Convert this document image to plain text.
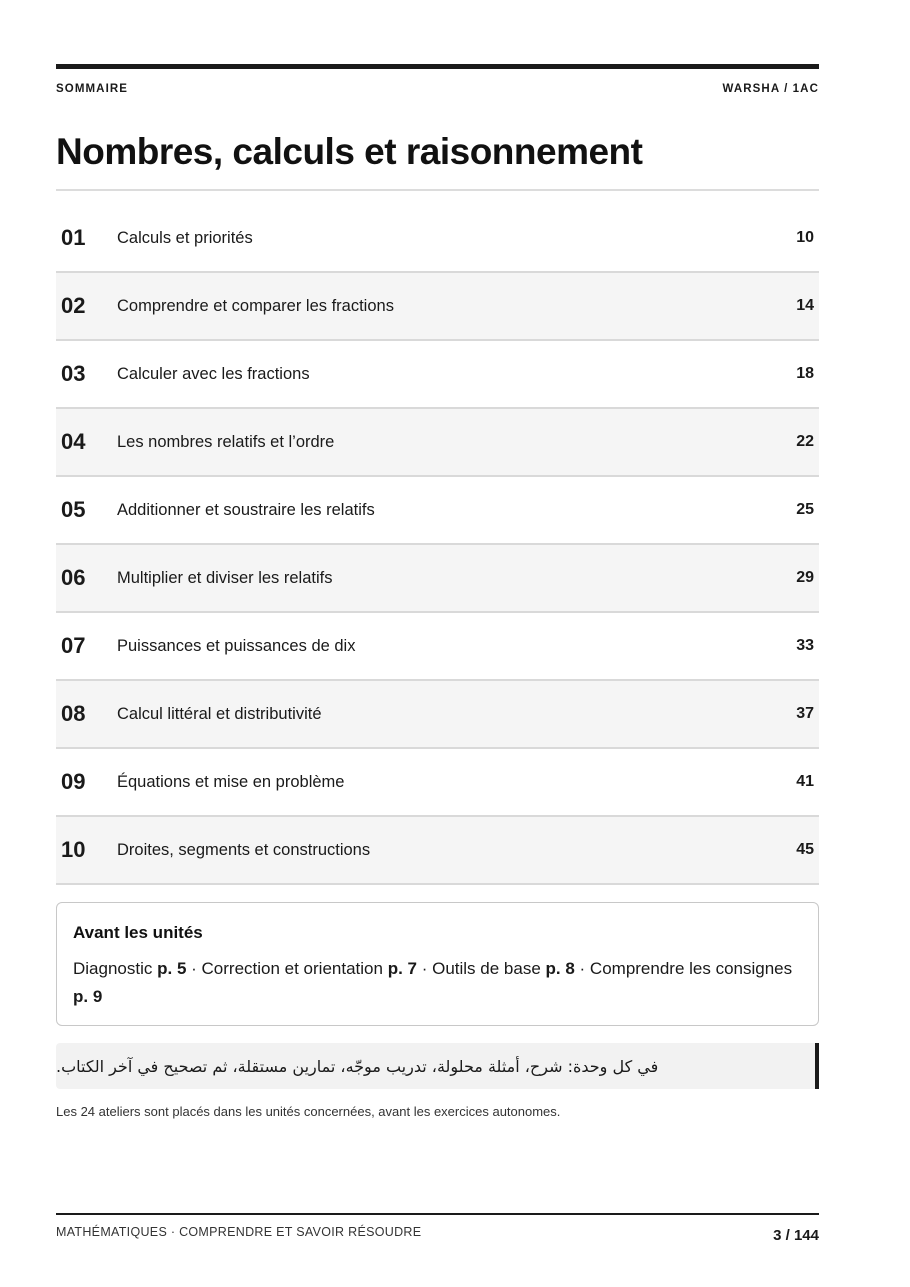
SOMMAIRE	WARSHA / 1AC
Nombres, calculs et raisonnement
01	Calculs et priorités	10
02	Comprendre et comparer les fractions	14
03	Calculer avec les fractions	18
04	Les nombres relatifs et l’ordre	22
05	Additionner et soustraire les relatifs	25
06	Multiplier et diviser les relatifs	29
07	Puissances et puissances de dix	33
08	Calcul littéral et distributivité	37
09	Équations et mise en problème	41
10	Droites, segments et constructions	45
Avant les unités
Diagnostic p. 5 · Correction et orientation p. 7 · Outils de base p. 8 · Comprendre les consignes p. 9
في كل وحدة: شرح، أمثلة محلولة، تدريب موجّه، تمارين مستقلة، ثم تصحيح في آخر الكتاب.
Les 24 ateliers sont placés dans les unités concernées, avant les exercices autonomes.
MATHÉMATIQUES · COMPRENDRE ET SAVOIR RÉSOUDRE	3 / 144
